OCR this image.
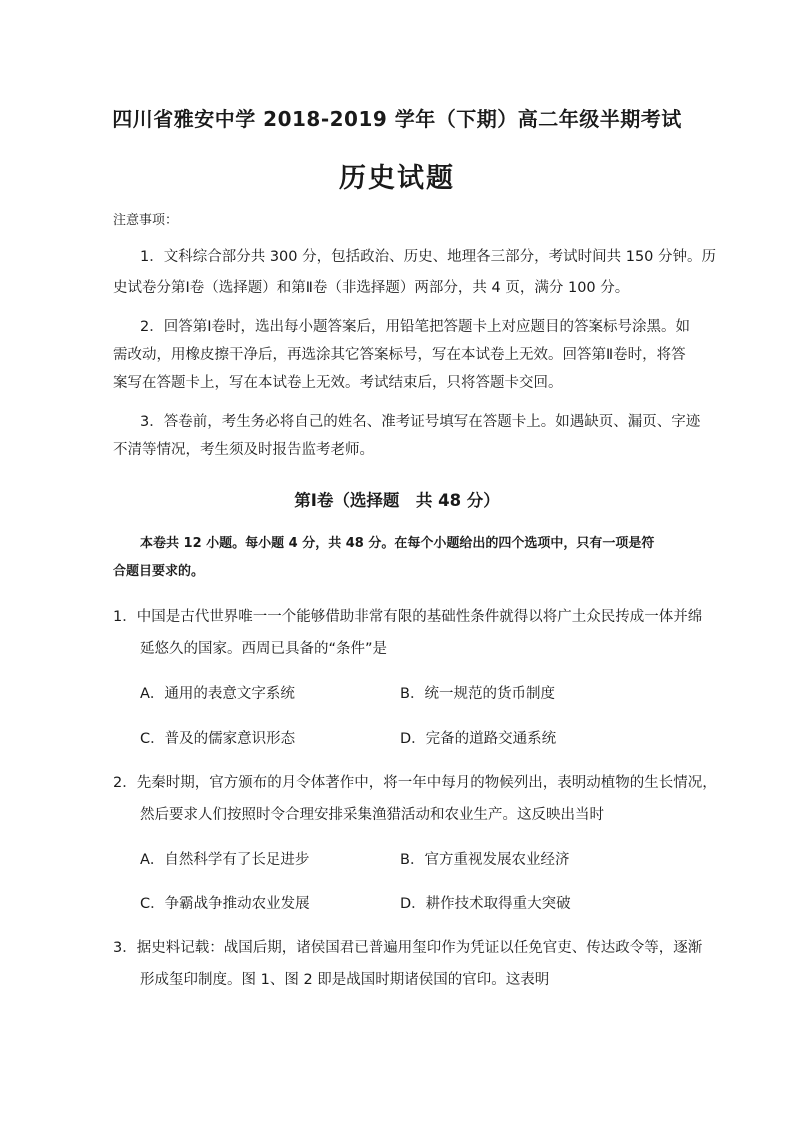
四川省雅安中学 2018-2019 学年（下期）高二年级半期考试
历史试题
注意事项：
1．文科综合部分共 300 分，包括政治、历史、地理各三部分，考试时间共 150 分钟。历
史试卷分第Ⅰ卷（选择题）和第Ⅱ卷（非选择题）两部分，共 4 页，满分 100 分。
2．回答第Ⅰ卷时，选出每小题答案后，用铅笔把答题卡上对应题目的答案标号涂黑。如
需改动，用橡皮擦干净后，再选涂其它答案标号，写在本试卷上无效。回答第Ⅱ卷时，将答
案写在答题卡上，写在本试卷上无效。考试结束后，只将答题卡交回。
3．答卷前，考生务必将自己的姓名、准考证号填写在答题卡上。如遇缺页、漏页、字迹
不清等情况，考生须及时报告监考老师。
第Ⅰ卷（选择题　共 48 分）
本卷共 12 小题。每小题 4 分，共 48 分。在每个小题给出的四个选项中，只有一项是符
合题目要求的。
1．中国是古代世界唯一一个能够借助非常有限的基础性条件就得以将广土众民抟成一体并绵
延悠久的国家。西周已具备的“条件”是
A．通用的表意文字系统	B．统一规范的货币制度
C．普及的儒家意识形态	D．完备的道路交通系统
2．先秦时期，官方颁布的月令体著作中，将一年中每月的物候列出，表明动植物的生长情况，
然后要求人们按照时令合理安排采集渔猎活动和农业生产。这反映出当时
A．自然科学有了长足进步	B．官方重视发展农业经济
C．争霸战争推动农业发展	D．耕作技术取得重大突破
3．据史料记载：战国后期，诸侯国君已普遍用玺印作为凭证以任免官吏、传达政令等，逐渐
形成玺印制度。图 1、图 2 即是战国时期诸侯国的官印。这表明
